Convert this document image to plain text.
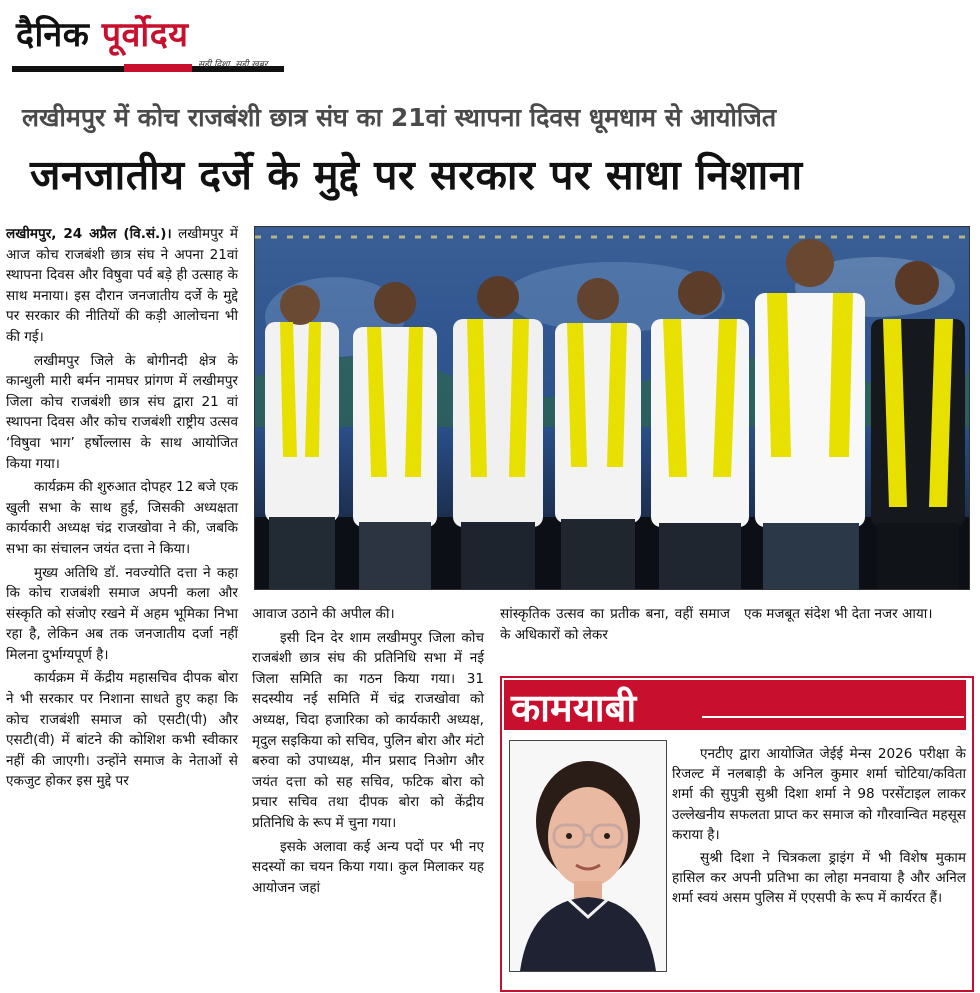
दैनिक पूर्वोदय
सही दिशा, सही खबर
लखीमपुर में कोच राजबंशी छात्र संघ का 21वां स्थापना दिवस धूमधाम से आयोजित
जनजातीय दर्जे के मुद्दे पर सरकार पर साधा निशाना

लखीमपुर, 24 अप्रैल (वि.सं.)। लखीमपुर में आज कोच राजबंशी छात्र संघ ने अपना 21वां स्थापना दिवस और विषुवा पर्व बड़े ही उत्साह के साथ मनाया। इस दौरान जनजातीय दर्जे के मुद्दे पर सरकार की नीतियों की कड़ी आलोचना भी की गई।

लखीमपुर जिले के बोगीनदी क्षेत्र के कान्धुली मारी बर्मन नामघर प्रांगण में लखीमपुर जिला कोच राजबंशी छात्र संघ द्वारा 21 वां स्थापना दिवस और कोच राजबंशी राष्ट्रीय उत्सव ‘विषुवा भाग’ हर्षोल्लास के साथ आयोजित किया गया।

कार्यक्रम की शुरुआत दोपहर 12 बजे एक खुली सभा के साथ हुई, जिसकी अध्यक्षता कार्यकारी अध्यक्ष चंद्र राजखोवा ने की, जबकि सभा का संचालन जयंत दत्ता ने किया।

मुख्य अतिथि डॉ. नवज्योति दत्ता ने कहा कि कोच राजबंशी समाज अपनी कला और संस्कृति को संजोए रखने में अहम भूमिका निभा रहा है, लेकिन अब तक जनजातीय दर्जा नहीं मिलना दुर्भाग्यपूर्ण है।

कार्यक्रम में केंद्रीय महासचिव दीपक बोरा ने भी सरकार पर निशाना साधते हुए कहा कि कोच राजबंशी समाज को एसटी(पी) और एसटी(वी) में बांटने की कोशिश कभी स्वीकार नहीं की जाएगी। उन्होंने समाज के नेताओं से एकजुट होकर इस मुद्दे पर

आवाज उठाने की अपील की।

इसी दिन देर शाम लखीमपुर जिला कोच राजबंशी छात्र संघ की प्रतिनिधि सभा में नई जिला समिति का गठन किया गया। 31 सदस्यीय नई समिति में चंद्र राजखोवा को अध्यक्ष, चिदा हजारिका को कार्यकारी अध्यक्ष, मृदुल सइकिया को सचिव, पुलिन बोरा और मंटो बरुवा को उपाध्यक्ष, मीन प्रसाद निओग और जयंत दत्ता को सह सचिव, फटिक बोरा को प्रचार सचिव तथा दीपक बोरा को केंद्रीय प्रतिनिधि के रूप में चुना गया।

इसके अलावा कई अन्य पदों पर भी नए सदस्यों का चयन किया गया। कुल मिलाकर यह आयोजन जहां

सांस्कृतिक उत्सव का प्रतीक बना, वहीं समाज के अधिकारों को लेकर

एक मजबूत संदेश भी देता नजर आया।

कामयाबी

एनटीए द्वारा आयोजित जेईई मेन्स 2026 परीक्षा के रिजल्ट में नलबाड़ी के अनिल कुमार शर्मा चोटिया/कविता शर्मा की सुपुत्री सुश्री दिशा शर्मा ने 98 परसेंटाइल लाकर उल्लेखनीय सफलता प्राप्त कर समाज को गौरवान्वित महसूस कराया है।

सुश्री दिशा ने चित्रकला ड्राइंग में भी विशेष मुकाम हासिल कर अपनी प्रतिभा का लोहा मनवाया है और अनिल शर्मा स्वयं असम पुलिस में एएसपी के रूप में कार्यरत हैं।
